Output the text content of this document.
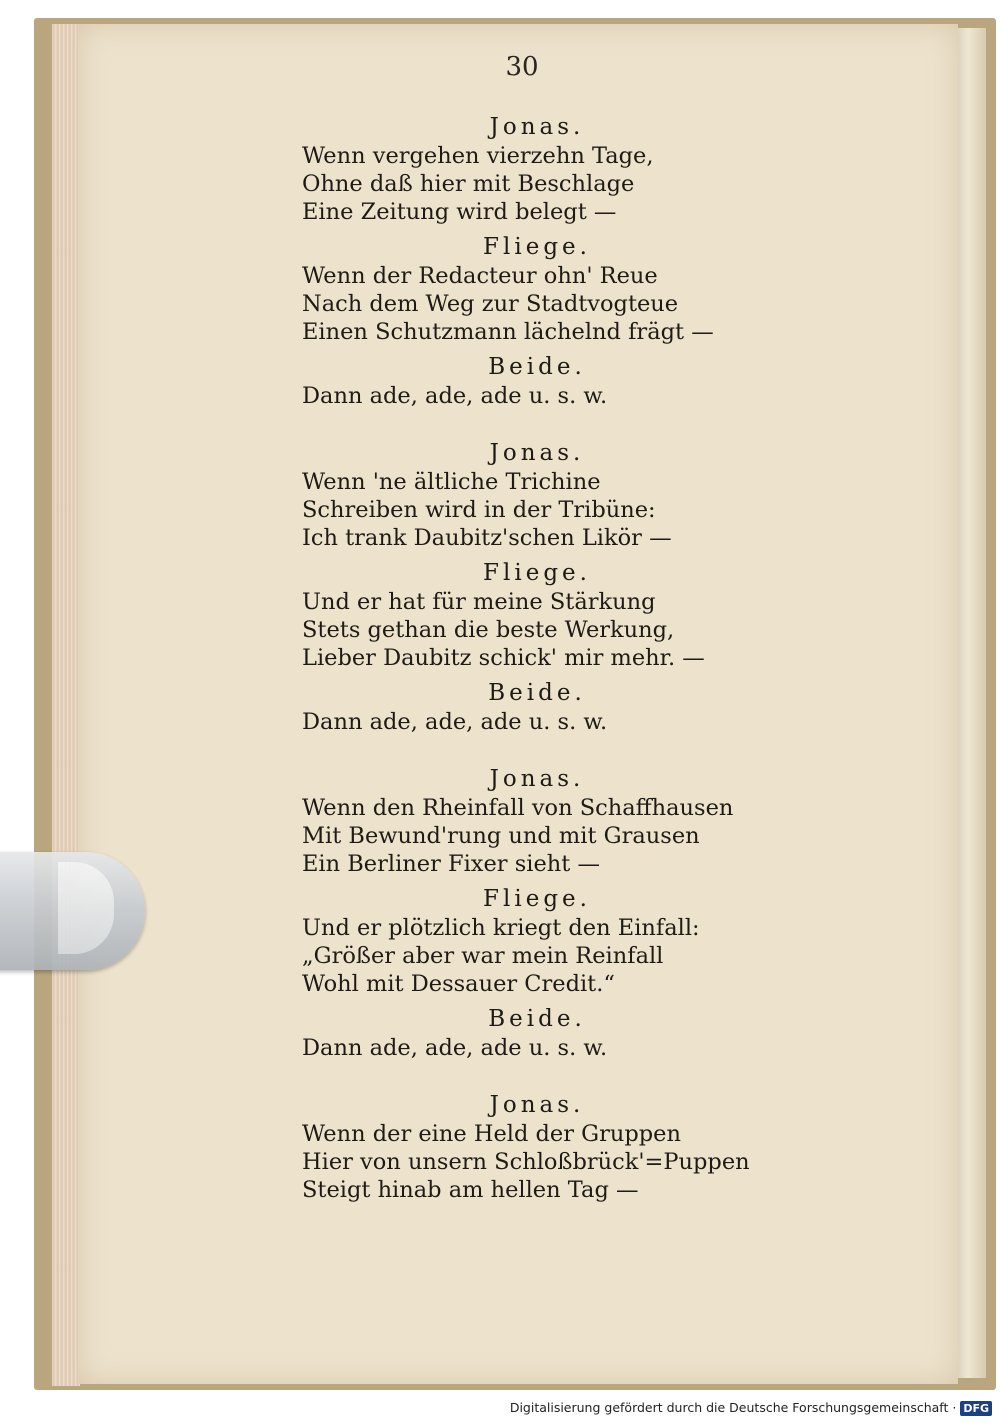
30
Jonas.
Wenn vergehen vierzehn Tage,
Ohne daß hier mit Beschlage
Eine Zeitung wird belegt —
Fliege.
Wenn der Redacteur ohn' Reue
Nach dem Weg zur Stadtvogteue
Einen Schutzmann lächelnd frägt —
Beide.
Dann ade, ade, ade u. s. w.
Jonas.
Wenn 'ne ältliche Trichine
Schreiben wird in der Tribüne:
Ich trank Daubitz'schen Likör —
Fliege.
Und er hat für meine Stärkung
Stets gethan die beste Werkung,
Lieber Daubitz schick' mir mehr. —
Beide.
Dann ade, ade, ade u. s. w.
Jonas.
Wenn den Rheinfall von Schaffhausen
Mit Bewund'rung und mit Grausen
Ein Berliner Fixer sieht —
Fliege.
Und er plötzlich kriegt den Einfall:
„Größer aber war mein Reinfall
Wohl mit Dessauer Credit.“
Beide.
Dann ade, ade, ade u. s. w.
Jonas.
Wenn der eine Held der Gruppen
Hier von unsern Schloßbrück'=Puppen
Steigt hinab am hellen Tag —
Digitalisierung gefördert durch die Deutsche Forschungsgemeinschaft · DFG
